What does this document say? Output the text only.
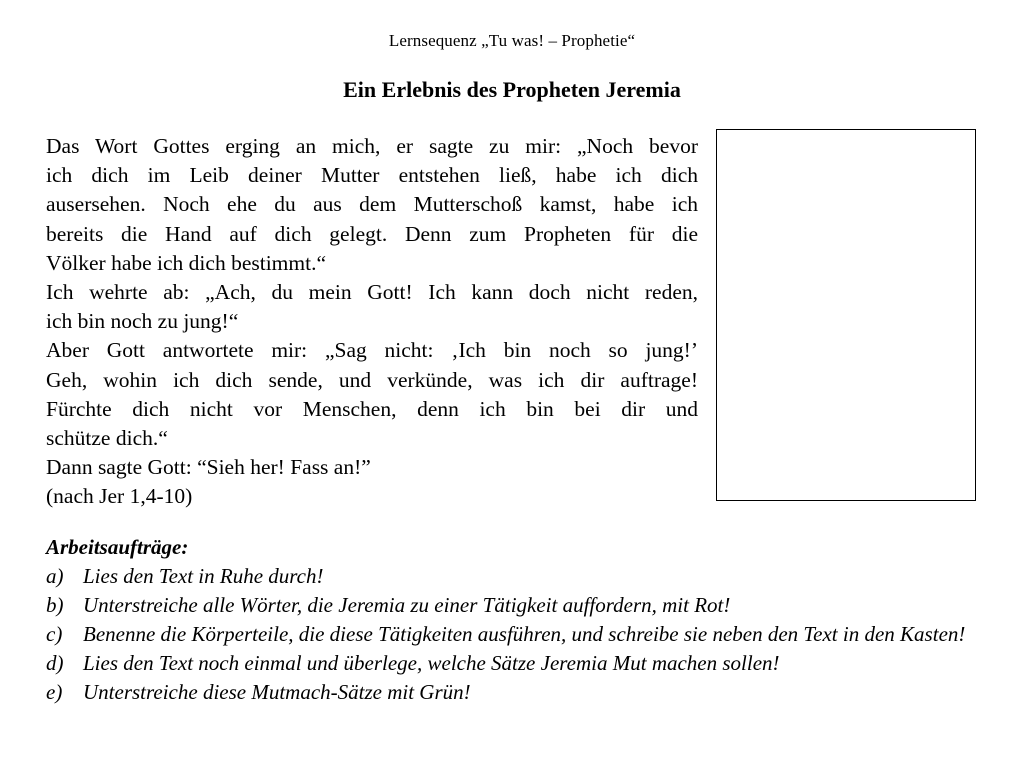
Lernsequenz „Tu was! – Prophetie“
Ein Erlebnis des Propheten Jeremia
Das Wort Gottes erging an mich, er sagte zu mir: „Noch bevor
ich dich im Leib deiner Mutter entstehen ließ, habe ich dich
ausersehen. Noch ehe du aus dem Mutterschoß kamst, habe ich
bereits die Hand auf dich gelegt. Denn zum Propheten für die
Völker habe ich dich bestimmt.“
Ich wehrte ab: „Ach, du mein Gott! Ich kann doch nicht reden,
ich bin noch zu jung!“
Aber Gott antwortete mir: „Sag nicht: ‚Ich bin noch so jung!’
Geh, wohin ich dich sende, und verkünde, was ich dir auftrage!
Fürchte dich nicht vor Menschen, denn ich bin bei dir und
schütze dich.“
Dann sagte Gott: “Sieh her! Fass an!”
(nach Jer 1,4-10)
Arbeitsaufträge:
a) Lies den Text in Ruhe durch!
b) Unterstreiche alle Wörter, die Jeremia zu einer Tätigkeit auffordern, mit Rot!
c) Benenne die Körperteile, die diese Tätigkeiten ausführen, und schreibe sie neben den Text in den Kasten!
d) Lies den Text noch einmal und überlege, welche Sätze Jeremia Mut machen sollen!
e) Unterstreiche diese Mutmach-Sätze mit Grün!
